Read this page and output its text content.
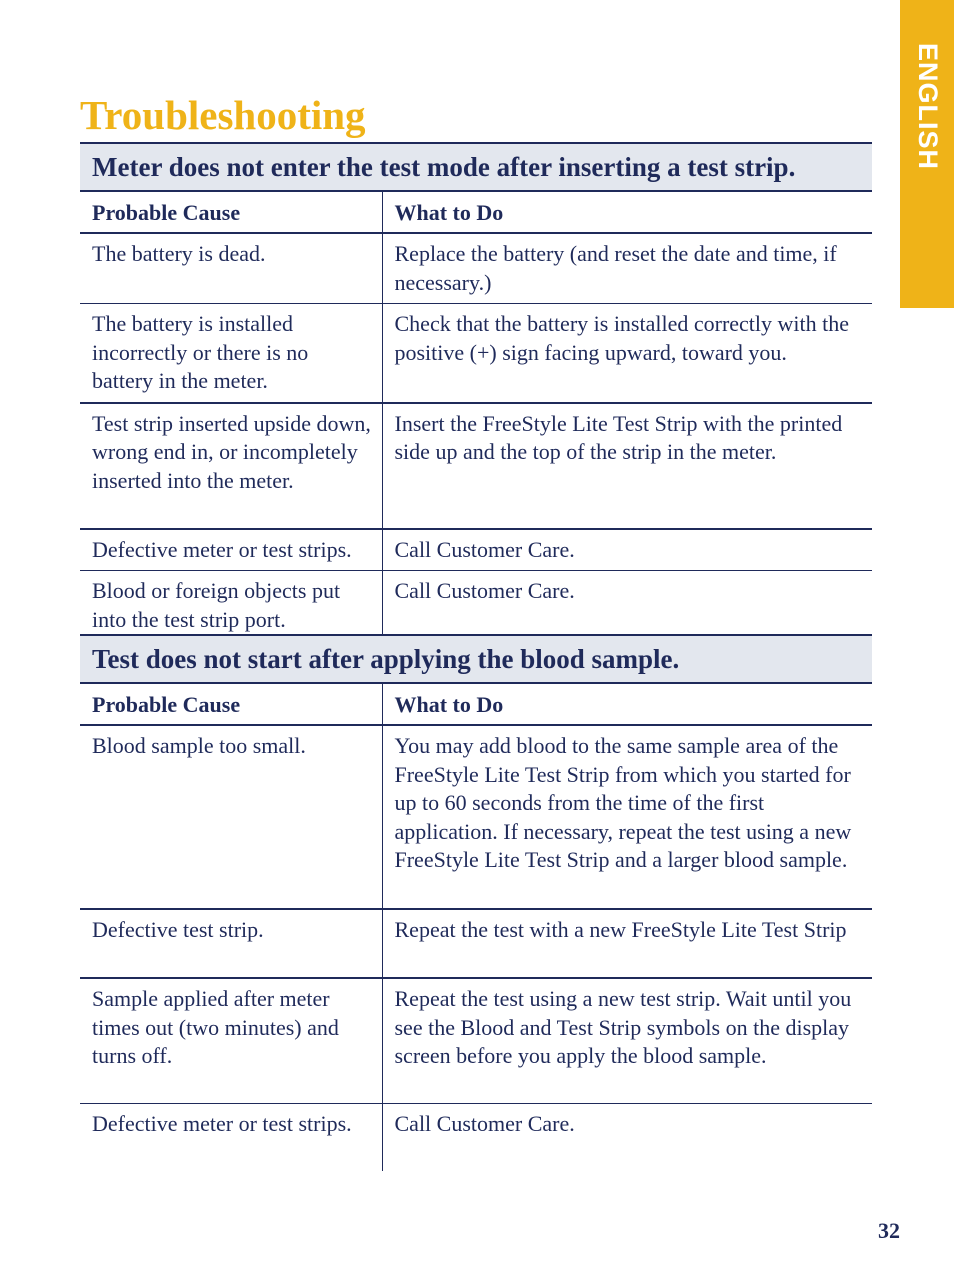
ENGLISH
Troubleshooting
Meter does not enter the test mode after inserting a test strip.	
Probable Cause	What to Do
The battery is dead.	Replace the battery (and reset the date and time, if necessary.)
The battery is installed incorrectly or there is no battery in the meter.	Check that the battery is installed correctly with the positive (+) sign facing upward, toward you.
Test strip inserted upside down, wrong end in, or incompletely inserted into the meter.	Insert the FreeStyle Lite Test Strip with the printed side up and the top of the strip in the meter.
Defective meter or test strips.	Call Customer Care.
Blood or foreign objects put into the test strip port.	Call Customer Care.
Test does not start after applying the blood sample.	
Probable Cause	What to Do
Blood sample too small.	You may add blood to the same sample area of the FreeStyle Lite Test Strip from which you started for up to 60 seconds from the time of the first application. If necessary, repeat the test using a new FreeStyle Lite Test Strip and a larger blood sample.
Defective test strip.	Repeat the test with a new FreeStyle Lite Test Strip
Sample applied after meter times out (two minutes) and turns off.	Repeat the test using a new test strip. Wait until you see the Blood and Test Strip symbols on the display screen before you apply the blood sample.
Defective meter or test strips.	Call Customer Care.
32
